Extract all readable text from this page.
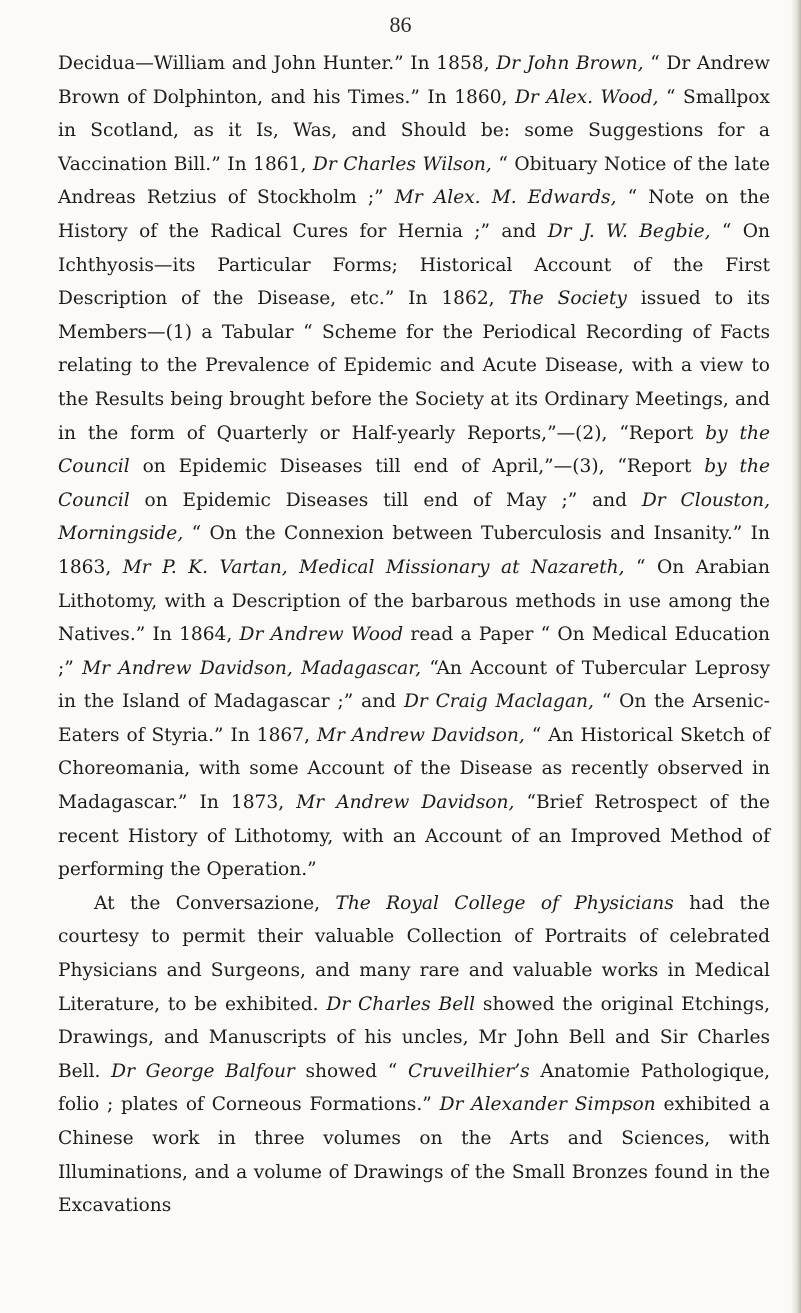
86

Decidua—William and John Hunter.” In 1858, Dr John Brown, “ Dr Andrew Brown of Dolphinton, and his Times.” In 1860, Dr Alex. Wood, “ Smallpox in Scotland, as it Is, Was, and Should be: some Suggestions for a Vaccination Bill.” In 1861, Dr Charles Wilson, “ Obituary Notice of the late Andreas Retzius of Stockholm ;” Mr Alex. M. Edwards, “ Note on the History of the Radical Cures for Hernia ;” and Dr J. W. Begbie, “ On Ichthyosis—its Particular Forms; Historical Account of the First Description of the Disease, etc.” In 1862, The Society issued to its Members—(1) a Tabular “ Scheme for the Periodical Recording of Facts relating to the Prevalence of Epidemic and Acute Disease, with a view to the Results being brought before the Society at its Ordinary Meetings, and in the form of Quarterly or Half-yearly Reports,”—(2), “Report by the Council on Epidemic Diseases till end of April,”—(3), “Report by the Council on Epidemic Diseases till end of May ;” and Dr Clouston, Morningside, “ On the Connexion between Tuberculosis and Insanity.” In 1863, Mr P. K. Vartan, Medical Missionary at Nazareth, “ On Arabian Lithotomy, with a Description of the barbarous methods in use among the Natives.” In 1864, Dr Andrew Wood read a Paper “ On Medical Education ;” Mr Andrew Davidson, Madagascar, “An Account of Tubercular Leprosy in the Island of Madagascar ;” and Dr Craig Maclagan, “ On the Arsenic-Eaters of Styria.” In 1867, Mr Andrew Davidson, “ An Historical Sketch of Choreomania, with some Account of the Disease as recently observed in Madagascar.” In 1873, Mr Andrew Davidson, “Brief Retrospect of the recent History of Lithotomy, with an Account of an Improved Method of performing the Operation.”

At the Conversazione, The Royal College of Physicians had the courtesy to permit their valuable Collection of Portraits of celebrated Physicians and Surgeons, and many rare and valuable works in Medical Literature, to be exhibited. Dr Charles Bell showed the original Etchings, Drawings, and Manuscripts of his uncles, Mr John Bell and Sir Charles Bell. Dr George Balfour showed “ Cruveilhier’s Anatomie Pathologique, folio ; plates of Corneous Formations.” Dr Alexander Simpson exhibited a Chinese work in three volumes on the Arts and Sciences, with Illuminations, and a volume of Drawings of the Small Bronzes found in the Excavations
